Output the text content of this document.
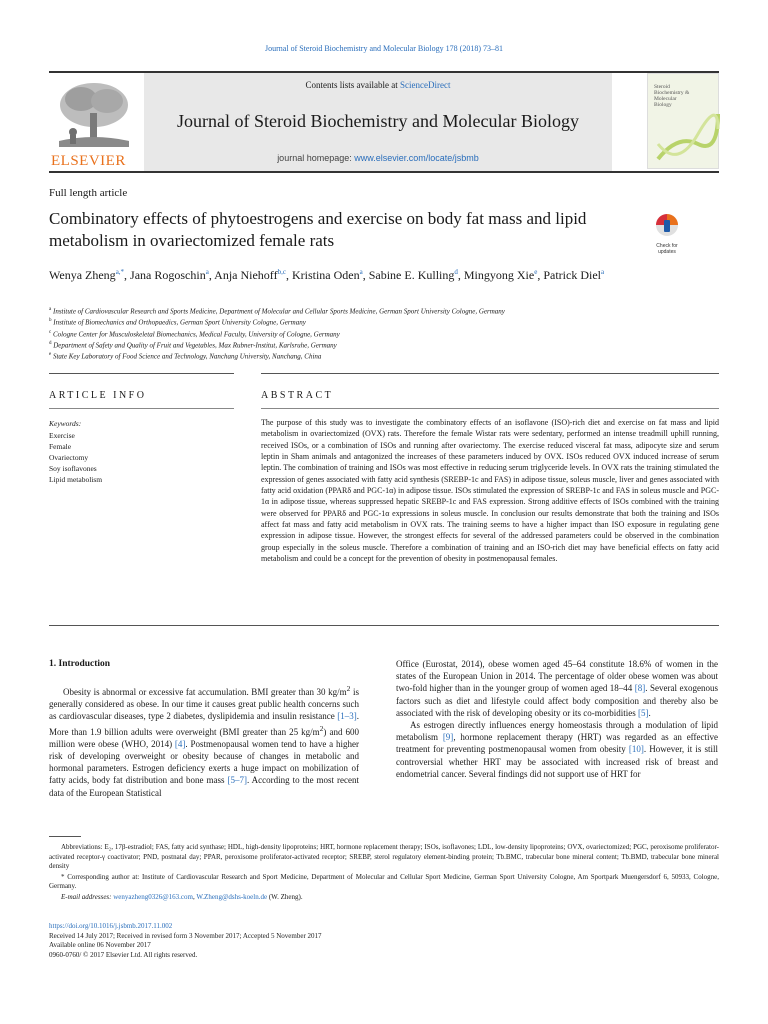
Journal of Steroid Biochemistry and Molecular Biology 178 (2018) 73–81
ELSEVIER
Contents lists available at ScienceDirect
Journal of Steroid Biochemistry and Molecular Biology
journal homepage: www.elsevier.com/locate/jsbmb
Steroid
Biochemistry &
Molecular
Biology
Full length article
Combinatory effects of phytoestrogens and exercise on body fat mass and lipid metabolism in ovariectomized female rats	Check for updates
Wenya Zheng$^{a,*}$, Jana Rogoschin$^a$, Anja Niehoff$^{b,c}$, Kristina Oden$^a$, Sabine E. Kulling$^d$, Mingyong Xie$^e$, Patrick Diel$^a$
$^a$ Institute of Cardiovascular Research and Sports Medicine, Department of Molecular and Cellular Sports Medicine, German Sport University Cologne, Germany
$^b$ Institute of Biomechanics and Orthopaedics, German Sport University Cologne, Germany
$^c$ Cologne Center for Musculoskeletal Biomechanics, Medical Faculty, University of Cologne, Germany
$^d$ Department of Safety and Quality of Fruit and Vegetables, Max Rubner-Institut, Karlsruhe, Germany
$^e$ State Key Laboratory of Food Science and Technology, Nanchang University, Nanchang, China
ARTICLE INFO	ABSTRACT
Keywords:
Exercise
Female
Ovariectomy
Soy isoflavones
Lipid metabolism
The purpose of this study was to investigate the combinatory effects of an isoflavone (ISO)-rich diet and exercise on fat mass and lipid metabolism in ovariectomized (OVX) rats. Therefore the female Wistar rats were sedentary, performed an intense treadmill uphill running, received ISOs, or a combination of ISOs and running after ovariectomy. The exercise reduced visceral fat mass, adipocyte size and serum leptin in Sham animals and antagonized the increases of these parameters induced by OVX. ISOs reduced OVX induced increase of serum leptin. The combination of training and ISOs was most effective in reducing serum triglyceride levels. In OVX rats the training stimulated the expression of genes associated with fatty acid synthesis (SREBP-1c and FAS) in adipose tissue, soleus muscle, liver and genes associated with fatty acid oxidation (PPARδ and PGC-1α) in adipose tissue. ISOs stimulated the expression of SREBP-1c and FAS in soleus muscle and PGC-1α in adipose tissue, whereas suppressed hepatic SREBP-1c and FAS expression. Strong additive effects of ISOs combined with the training were observed for PPARδ and PGC-1α expressions in soleus muscle. In conclusion our results demonstrate that both the training and ISOs affect fat mass and fatty acid metabolism in OVX rats. The training seems to have a higher impact than ISO exposure in regulating gene expression in adipose tissue. However, the strongest effects for several of the addressed parameters could be observed in the combination group especially in the soleus muscle. Therefore a combination of training and an ISO-rich diet may have beneficial effects on fatty acid metabolism and could be a concept for the prevention of obesity in postmenopausal females.
1. Introduction

Obesity is abnormal or excessive fat accumulation. BMI greater than 30 $kg/m^2$ is generally considered as obese. In our time it causes great public health concerns such as cardiovascular diseases, type 2 diabetes, dyslipidemia and insulin resistance [1–3]. More than 1.9 billion adults were overweight (BMI greater than 25 $kg/m^2$) and 600 million were obese (WHO, 2014) [4]. Postmenopausal women tend to have a higher risk of developing overweight or obesity because of changes in metabolic and hormonal parameters. Estrogen deficiency exerts a huge impact on mobilization of fatty acids, body fat distribution and bone mass [5–7]. According to the most recent data of the European Statistical

Office (Eurostat, 2014), obese women aged 45–64 constitute 18.6% of women in the states of the European Union in 2014. The percentage of older obese women was about two-fold higher than in the younger group of women aged 18–44 [8]. Several exogenous factors such as diet and lifestyle could affect body composition and thereby also be associated with the risk of developing obesity or its co-morbidities [5].

As estrogen directly influences energy homeostasis through a modulation of lipid metabolism [9], hormone replacement therapy (HRT) was regarded as an effective treatment for preventing postmenopausal women from obesity [10]. However, it is still controversial whether HRT may be associated with increased risk of breast and endometrial cancer. Several findings did not support use of HRT for

Abbreviations: E₂, 17β-estradiol; FAS, fatty acid synthase; HDL, high-density lipoproteins; HRT, hormone replacement therapy; ISOs, isoflavones; LDL, low-density lipoproteins; OVX, ovariectomized; PGC, peroxisome proliferator-activated receptor-γ coactivator; PND, postnatal day; PPAR, peroxisome proliferator-activated receptor; SREBP, sterol regulatory element-binding protein; Tb.BMC, trabecular bone mineral content; Tb.BMD, trabecular bone mineral density

* Corresponding author at: Institute of Cardiovascular Research and Sport Medicine, Department of Molecular and Cellular Sport Medicine, German Sport University Cologne, Am Sportpark Muengersdorf 6, 50933, Cologne, Germany.

E-mail addresses: wenyazheng0326@163.com, W.Zheng@dshs-koeln.de (W. Zheng).

https://doi.org/10.1016/j.jsbmb.2017.11.002
Received 14 July 2017; Received in revised form 3 November 2017; Accepted 5 November 2017
Available online 06 November 2017
0960-0760/ © 2017 Elsevier Ltd. All rights reserved.
